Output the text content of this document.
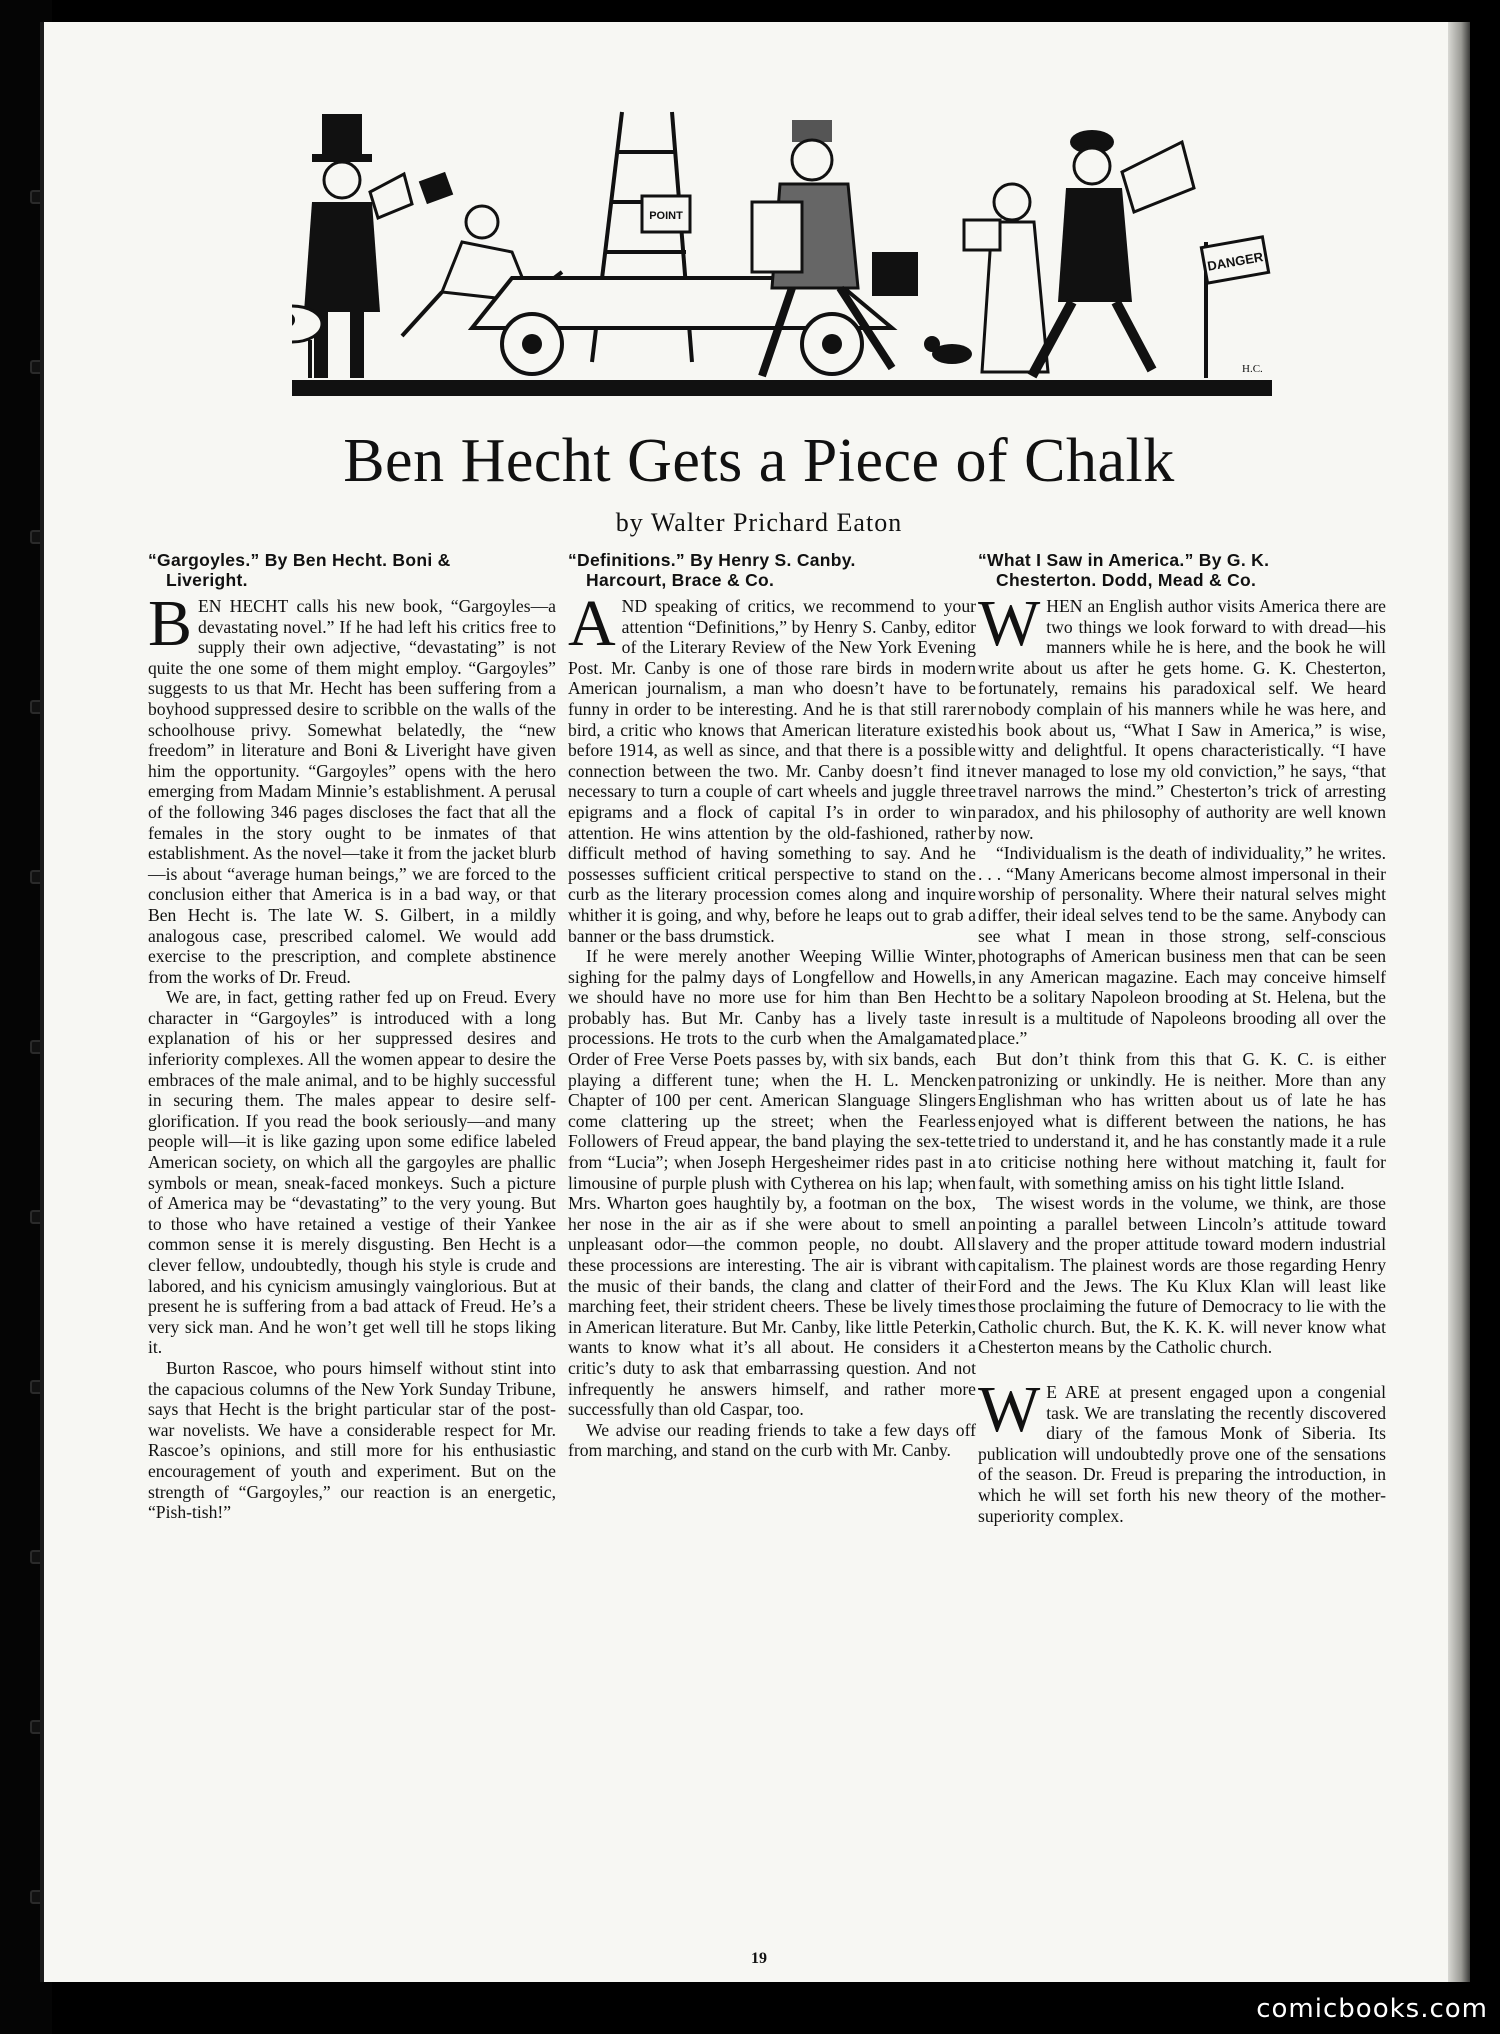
POINT
DANGER
H.C.
Ben Hecht Gets a Piece of Chalk
by Walter Prichard Eaton
“Gargoyles.” By Ben Hecht. Boni &
Liveright.

BEN HECHT calls his new book, “Gargoyles—a devastating novel.” If he had left his critics free to supply their own adjective, “devastating” is not quite the one some of them might employ. “Gargoyles” suggests to us that Mr. Hecht has been suffering from a boyhood suppressed desire to scribble on the walls of the schoolhouse privy. Somewhat belatedly, the “new freedom” in literature and Boni & Liveright have given him the opportunity. “Gargoyles” opens with the hero emerging from Madam Minnie’s establishment. A perusal of the following 346 pages discloses the fact that all the females in the story ought to be inmates of that establishment. As the novel—take it from the jacket blurb—is about “average human beings,” we are forced to the conclusion either that America is in a bad way, or that Ben Hecht is. The late W. S. Gilbert, in a mildly analogous case, prescribed calomel. We would add exercise to the prescription, and complete abstinence from the works of Dr. Freud.

We are, in fact, getting rather fed up on Freud. Every character in “Gargoyles” is introduced with a long explanation of his or her suppressed desires and inferiority complexes. All the women appear to desire the embraces of the male animal, and to be highly successful in securing them. The males appear to desire self-glorification. If you read the book seriously—and many people will—it is like gazing upon some edifice labeled American society, on which all the gargoyles are phallic symbols or mean, sneak-faced monkeys. Such a picture of America may be “devastating” to the very young. But to those who have retained a vestige of their Yankee common sense it is merely disgusting. Ben Hecht is a clever fellow, undoubtedly, though his style is crude and labored, and his cynicism amusingly vainglorious. But at present he is suffering from a bad attack of Freud. He’s a very sick man. And he won’t get well till he stops liking it.

Burton Rascoe, who pours himself without stint into the capacious columns of the New York Sunday Tribune, says that Hecht is the bright particular star of the post-war novelists. We have a considerable respect for Mr. Rascoe’s opinions, and still more for his enthusiastic encouragement of youth and experiment. But on the strength of “Gargoyles,” our reaction is an energetic, “Pish-tish!”

“Definitions.” By Henry S. Canby.
Harcourt, Brace & Co.

AND speaking of critics, we recommend to your attention “Definitions,” by Henry S. Canby, editor of the Literary Review of the New York Evening Post. Mr. Canby is one of those rare birds in modern American journalism, a man who doesn’t have to be funny in order to be interesting. And he is that still rarer bird, a critic who knows that American literature existed before 1914, as well as since, and that there is a possible connection between the two. Mr. Canby doesn’t find it necessary to turn a couple of cart wheels and juggle three epigrams and a flock of capital I’s in order to win attention. He wins attention by the old-fashioned, rather difficult method of having something to say. And he possesses sufficient critical perspective to stand on the curb as the literary procession comes along and inquire whither it is going, and why, before he leaps out to grab a banner or the bass drumstick.

If he were merely another Weeping Willie Winter, sighing for the palmy days of Longfellow and Howells, we should have no more use for him than Ben Hecht probably has. But Mr. Canby has a lively taste in processions. He trots to the curb when the Amalgamated Order of Free Verse Poets passes by, with six bands, each playing a different tune; when the H. L. Mencken Chapter of 100 per cent. American Slanguage Slingers come clattering up the street; when the Fearless Followers of Freud appear, the band playing the sex-tette from “Lucia”; when Joseph Hergesheimer rides past in a limousine of purple plush with Cytherea on his lap; when Mrs. Wharton goes haughtily by, a footman on the box, her nose in the air as if she were about to smell an unpleasant odor—the common people, no doubt. All these processions are interesting. The air is vibrant with the music of their bands, the clang and clatter of their marching feet, their strident cheers. These be lively times in American literature. But Mr. Canby, like little Peterkin, wants to know what it’s all about. He considers it a critic’s duty to ask that embarrassing question. And not infrequently he answers himself, and rather more successfully than old Caspar, too.

We advise our reading friends to take a few days off from marching, and stand on the curb with Mr. Canby.

“What I Saw in America.” By G. K.
Chesterton. Dodd, Mead & Co.

WHEN an English author visits America there are two things we look forward to with dread—his manners while he is here, and the book he will write about us after he gets home. G. K. Chesterton, fortunately, remains his paradoxical self. We heard nobody complain of his manners while he was here, and his book about us, “What I Saw in America,” is wise, witty and delightful. It opens characteristically. “I have never managed to lose my old conviction,” he says, “that travel narrows the mind.” Chesterton’s trick of arresting paradox, and his philosophy of authority are well known by now.

“Individualism is the death of individuality,” he writes. . . . “Many Americans become almost impersonal in their worship of personality. Where their natural selves might differ, their ideal selves tend to be the same. Anybody can see what I mean in those strong, self-conscious photographs of American business men that can be seen in any American magazine. Each may conceive himself to be a solitary Napoleon brooding at St. Helena, but the result is a multitude of Napoleons brooding all over the place.”

But don’t think from this that G. K. C. is either patronizing or unkindly. He is neither. More than any Englishman who has written about us of late he has enjoyed what is different between the nations, he has tried to understand it, and he has constantly made it a rule to criticise nothing here without matching it, fault for fault, with something amiss on his tight little Island.

The wisest words in the volume, we think, are those pointing a parallel between Lincoln’s attitude toward slavery and the proper attitude toward modern industrial capitalism. The plainest words are those regarding Henry Ford and the Jews. The Ku Klux Klan will least like those proclaiming the future of Democracy to lie with the Catholic church. But, the K. K. K. will never know what Chesterton means by the Catholic church.

W E ARE at present engaged upon a congenial task. We are translating the recently discovered diary of the famous Monk of Siberia. Its publication will undoubtedly prove one of the sensations of the season. Dr. Freud is preparing the introduction, in which he will set forth his new theory of the mother-superiority complex.

19
comicbooks.com
